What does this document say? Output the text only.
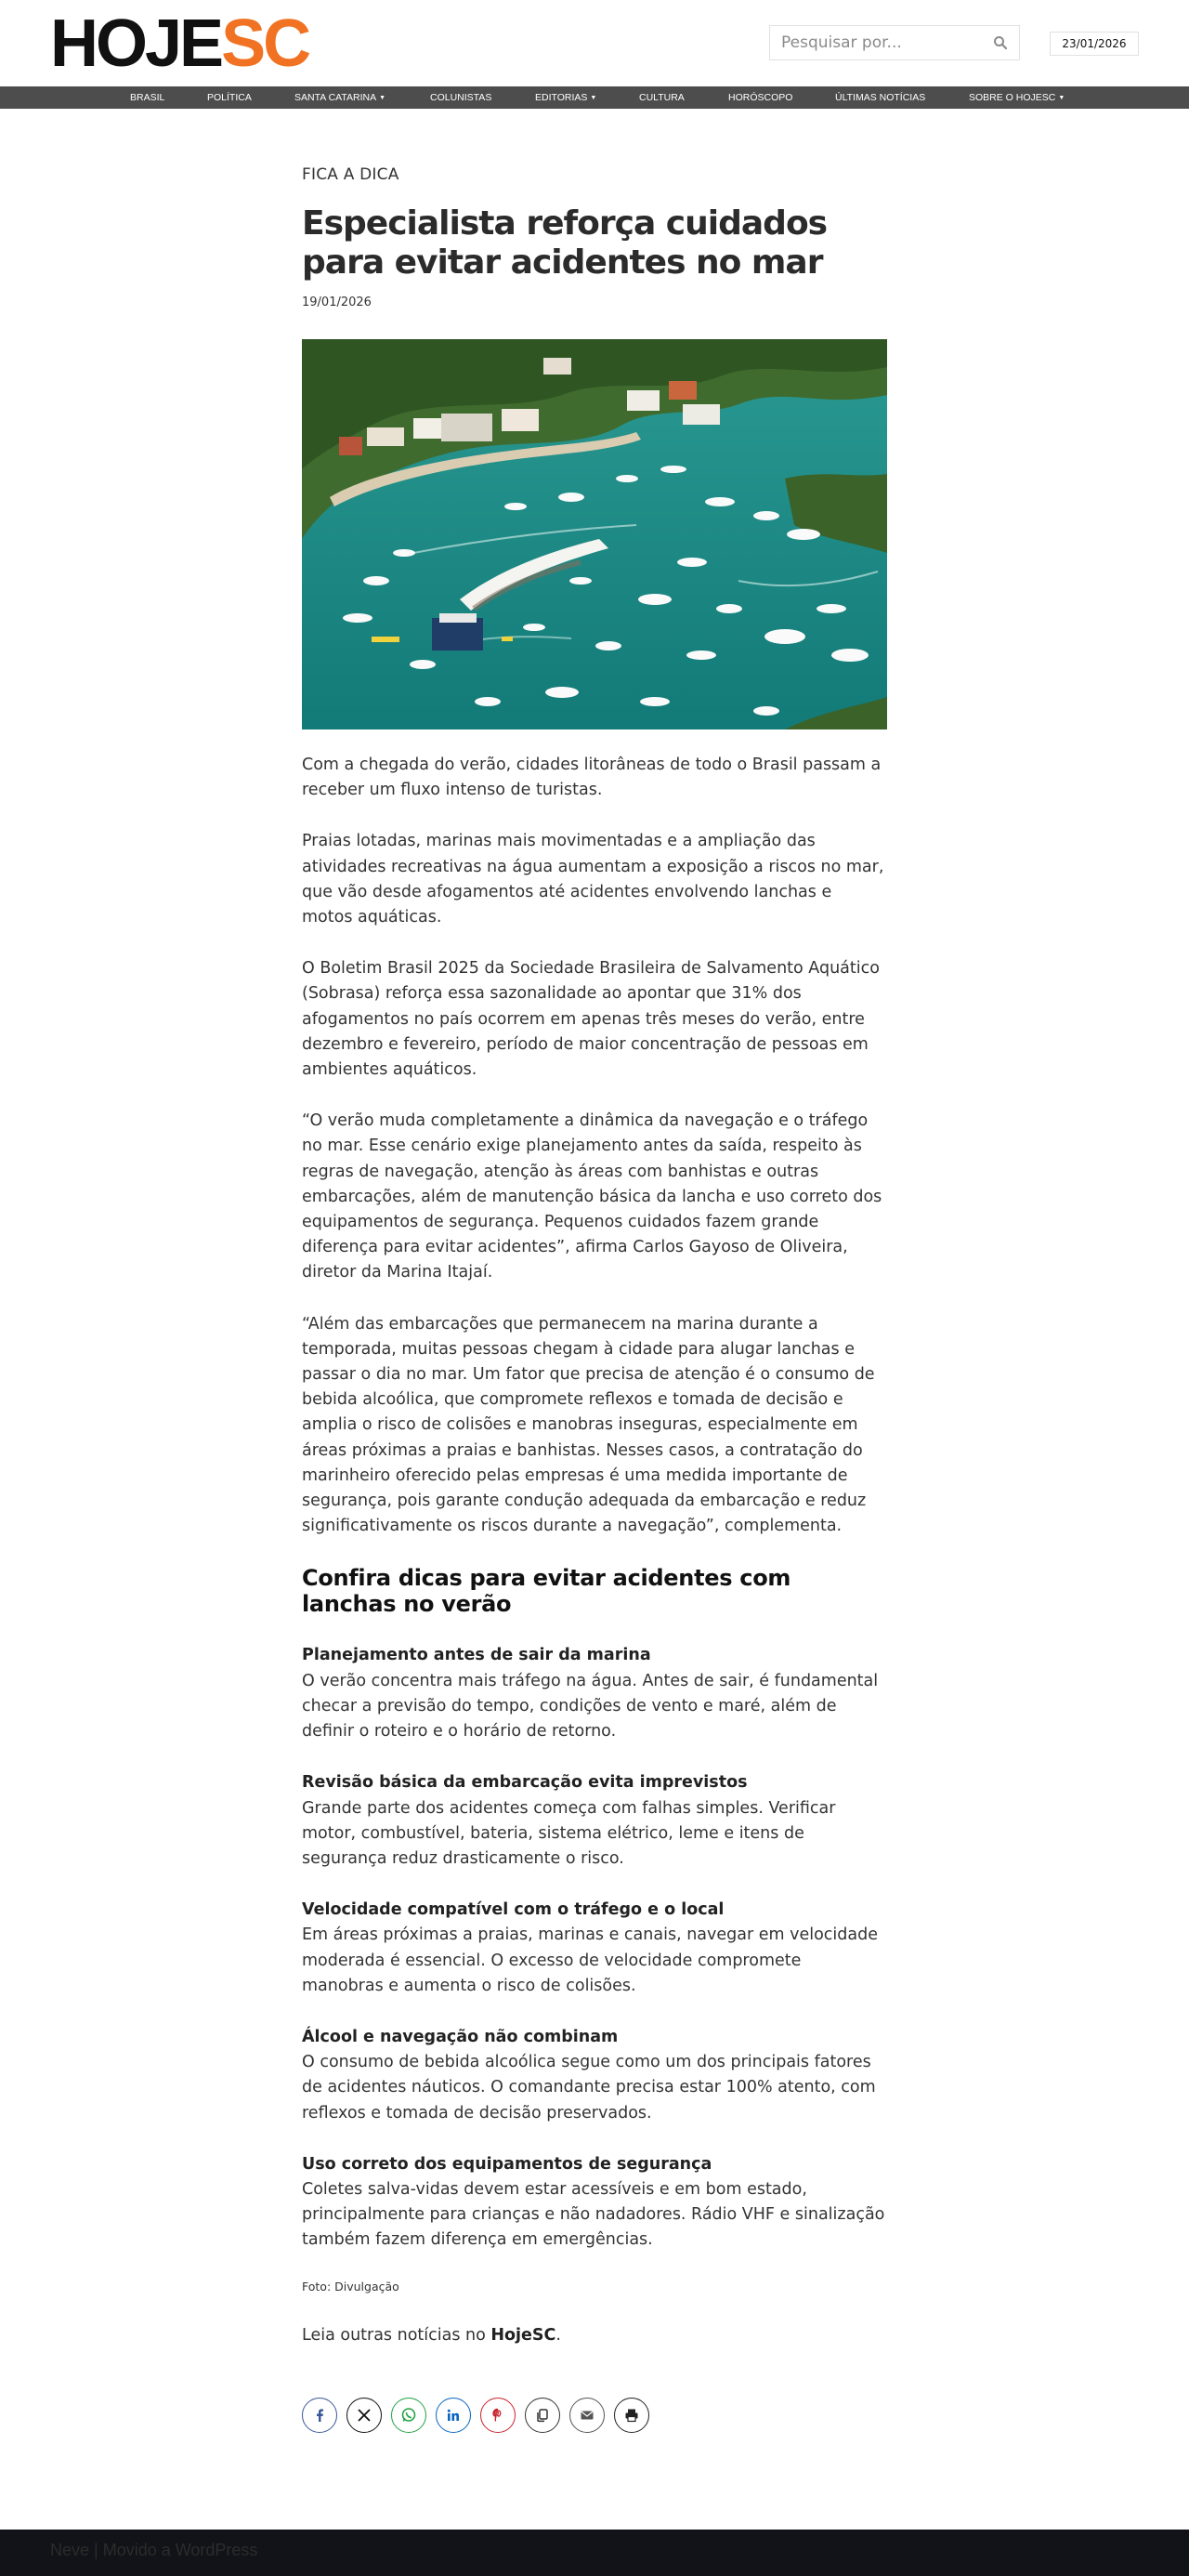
HOJE SC	Pesquisar por...	23/01/2026
BRASIL	POLÍTICA	SANTA CATARINA ▼	COLUNISTAS	EDITORIAS ▼	CULTURA	HORÓSCOPO	ÚLTIMAS NOTÍCIAS	SOBRE O HOJESC ▼
FICA A DICA
Especialista reforça cuidados para evitar acidentes no mar
19/01/2026

Com a chegada do verão, cidades litorâneas de todo o Brasil passam a receber um fluxo intenso de turistas.

Praias lotadas, marinas mais movimentadas e a ampliação das atividades recreativas na água aumentam a exposição a riscos no mar, que vão desde afogamentos até acidentes envolvendo lanchas e motos aquáticas.

O Boletim Brasil 2025 da Sociedade Brasileira de Salvamento Aquático (Sobrasa) reforça essa sazonalidade ao apontar que 31% dos afogamentos no país ocorrem em apenas três meses do verão, entre dezembro e fevereiro, período de maior concentração de pessoas em ambientes aquáticos.

“O verão muda completamente a dinâmica da navegação e o tráfego no mar. Esse cenário exige planejamento antes da saída, respeito às regras de navegação, atenção às áreas com banhistas e outras embarcações, além de manutenção básica da lancha e uso correto dos equipamentos de segurança. Pequenos cuidados fazem grande diferença para evitar acidentes”, afirma Carlos Gayoso de Oliveira, diretor da Marina Itajaí.

“Além das embarcações que permanecem na marina durante a temporada, muitas pessoas chegam à cidade para alugar lanchas e passar o dia no mar. Um fator que precisa de atenção é o consumo de bebida alcoólica, que compromete reflexos e tomada de decisão e amplia o risco de colisões e manobras inseguras, especialmente em áreas próximas a praias e banhistas. Nesses casos, a contratação do marinheiro oferecido pelas empresas é uma medida importante de segurança, pois garante condução adequada da embarcação e reduz significativamente os riscos durante a navegação”, complementa.

Confira dicas para evitar acidentes com lanchas no verão
Planejamento antes de sair da marina
O verão concentra mais tráfego na água. Antes de sair, é fundamental checar a previsão do tempo, condições de vento e maré, além de definir o roteiro e o horário de retorno.
Revisão básica da embarcação evita imprevistos
Grande parte dos acidentes começa com falhas simples. Verificar motor, combustível, bateria, sistema elétrico, leme e itens de segurança reduz drasticamente o risco.
Velocidade compatível com o tráfego e o local
Em áreas próximas a praias, marinas e canais, navegar em velocidade moderada é essencial. O excesso de velocidade compromete manobras e aumenta o risco de colisões.
Álcool e navegação não combinam
O consumo de bebida alcoólica segue como um dos principais fatores de acidentes náuticos. O comandante precisa estar 100% atento, com reflexos e tomada de decisão preservados.
Uso correto dos equipamentos de segurança
Coletes salva-vidas devem estar acessíveis e em bom estado, principalmente para crianças e não nadadores. Rádio VHF e sinalização também fazem diferença em emergências.
Foto: Divulgação
Leia outras notícias no HojeSC.
Neve | Movido a WordPress
